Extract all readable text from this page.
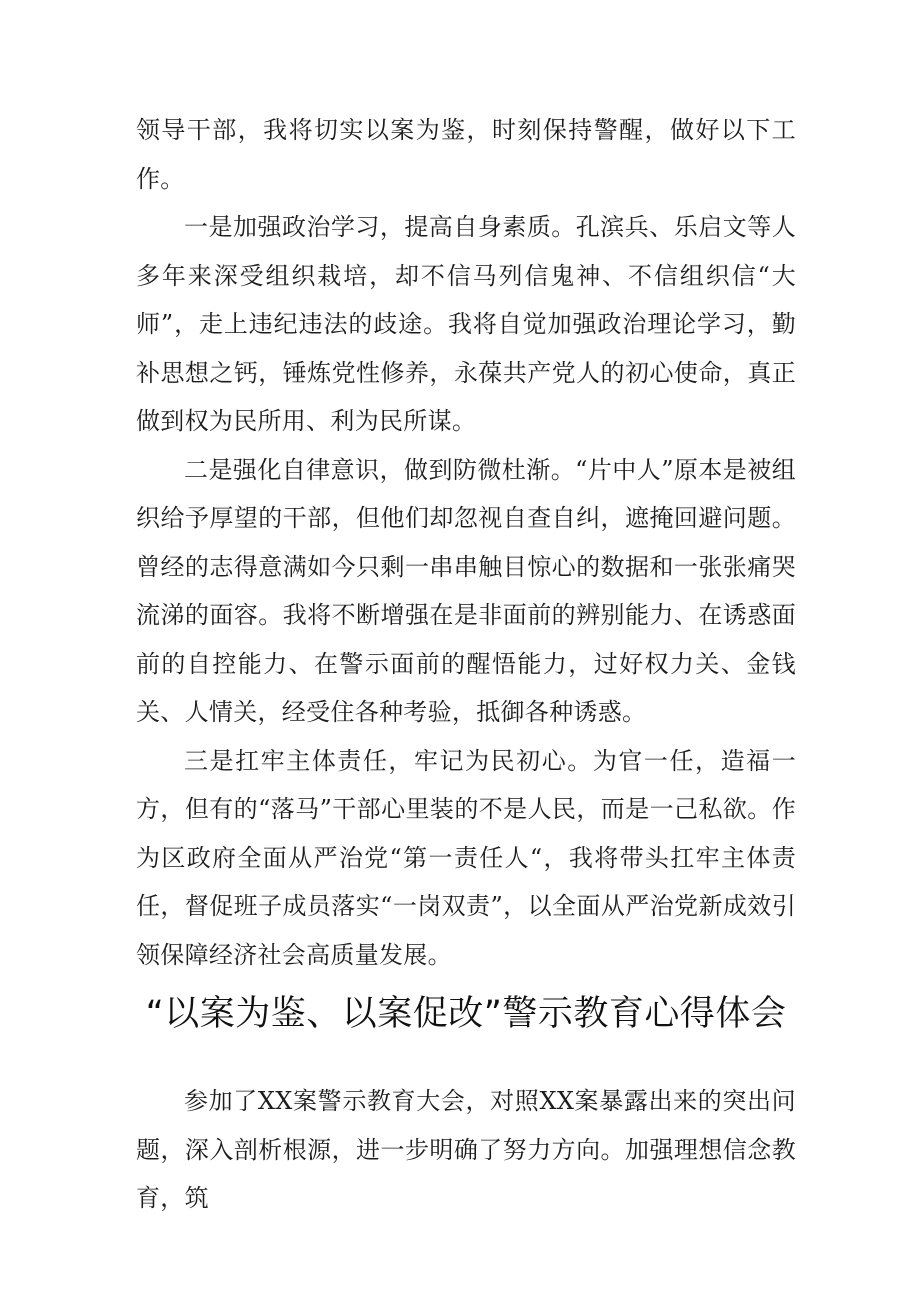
领导干部，我将切实以案为鉴，时刻保持警醒，做好以下工作。

一是加强政治学习，提高自身素质。孔滨兵、乐启文等人多年来深受组织栽培，却不信马列信鬼神、不信组织信“大师”，走上违纪违法的歧途。我将自觉加强政治理论学习，勤补思想之钙，锤炼党性修养，永葆共产党人的初心使命，真正做到权为民所用、利为民所谋。

二是强化自律意识，做到防微杜渐。“片中人”原本是被组织给予厚望的干部，但他们却忽视自查自纠，遮掩回避问题。曾经的志得意满如今只剩一串串触目惊心的数据和一张张痛哭流涕的面容。我将不断增强在是非面前的辨别能力、在诱惑面前的自控能力、在警示面前的醒悟能力，过好权力关、金钱关、人情关，经受住各种考验，抵御各种诱惑。

三是扛牢主体责任，牢记为民初心。为官一任，造福一方，但有的“落马”干部心里装的不是人民，而是一己私欲。作为区政府全面从严治党“第一责任人“，我将带头扛牢主体责任，督促班子成员落实“一岗双责”，以全面从严治党新成效引领保障经济社会高质量发展。

“以案为鉴、以案促改”警示教育心得体会

参加了XX案警示教育大会，对照XX案暴露出来的突出问题，深入剖析根源，进一步明确了努力方向。加强理想信念教育，筑
